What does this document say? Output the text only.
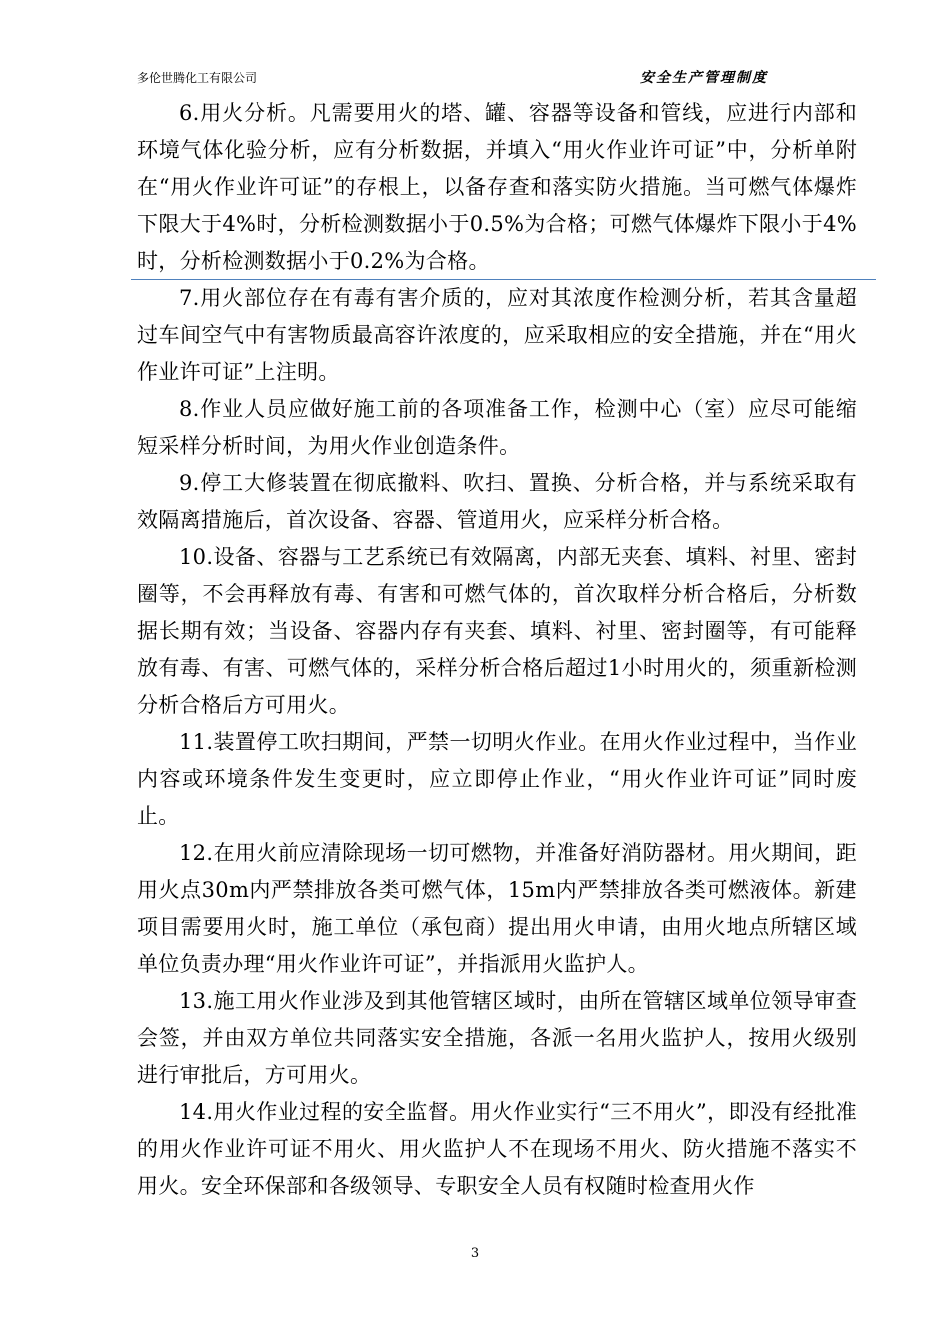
多伦世腾化工有限公司	安全生产管理制度

6.用火分析。凡需要用火的塔、罐、容器等设备和管线，应进行内部和环境气体化验分析，应有分析数据，并填入“用火作业许可证”中，分析单附在“用火作业许可证”的存根上，以备存查和落实防火措施。当可燃气体爆炸下限大于4%时，分析检测数据小于0.5%为合格；可燃气体爆炸下限小于4%时，分析检测数据小于0.2%为合格。

7.用火部位存在有毒有害介质的，应对其浓度作检测分析，若其含量超过车间空气中有害物质最高容许浓度的，应采取相应的安全措施，并在“用火作业许可证”上注明。

8.作业人员应做好施工前的各项准备工作，检测中心（室）应尽可能缩短采样分析时间，为用火作业创造条件。

9.停工大修装置在彻底撤料、吹扫、置换、分析合格，并与系统采取有效隔离措施后，首次设备、容器、管道用火，应采样分析合格。

10.设备、容器与工艺系统已有效隔离，内部无夹套、填料、衬里、密封圈等，不会再释放有毒、有害和可燃气体的，首次取样分析合格后，分析数据长期有效；当设备、容器内存有夹套、填料、衬里、密封圈等，有可能释放有毒、有害、可燃气体的，采样分析合格后超过1小时用火的，须重新检测分析合格后方可用火。

11.装置停工吹扫期间，严禁一切明火作业。在用火作业过程中，当作业内容或环境条件发生变更时，应立即停止作业，“用火作业许可证”同时废止。

12.在用火前应清除现场一切可燃物，并准备好消防器材。用火期间，距用火点30m内严禁排放各类可燃气体，15m内严禁排放各类可燃液体。新建项目需要用火时，施工单位（承包商）提出用火申请，由用火地点所辖区域单位负责办理“用火作业许可证”，并指派用火监护人。

13.施工用火作业涉及到其他管辖区域时，由所在管辖区域单位领导审查会签，并由双方单位共同落实安全措施，各派一名用火监护人，按用火级别进行审批后，方可用火。

14.用火作业过程的安全监督。用火作业实行“三不用火”，即没有经批准的用火作业许可证不用火、用火监护人不在现场不用火、防火措施不落实不用火。安全环保部和各级领导、专职安全人员有权随时检查用火作

3
